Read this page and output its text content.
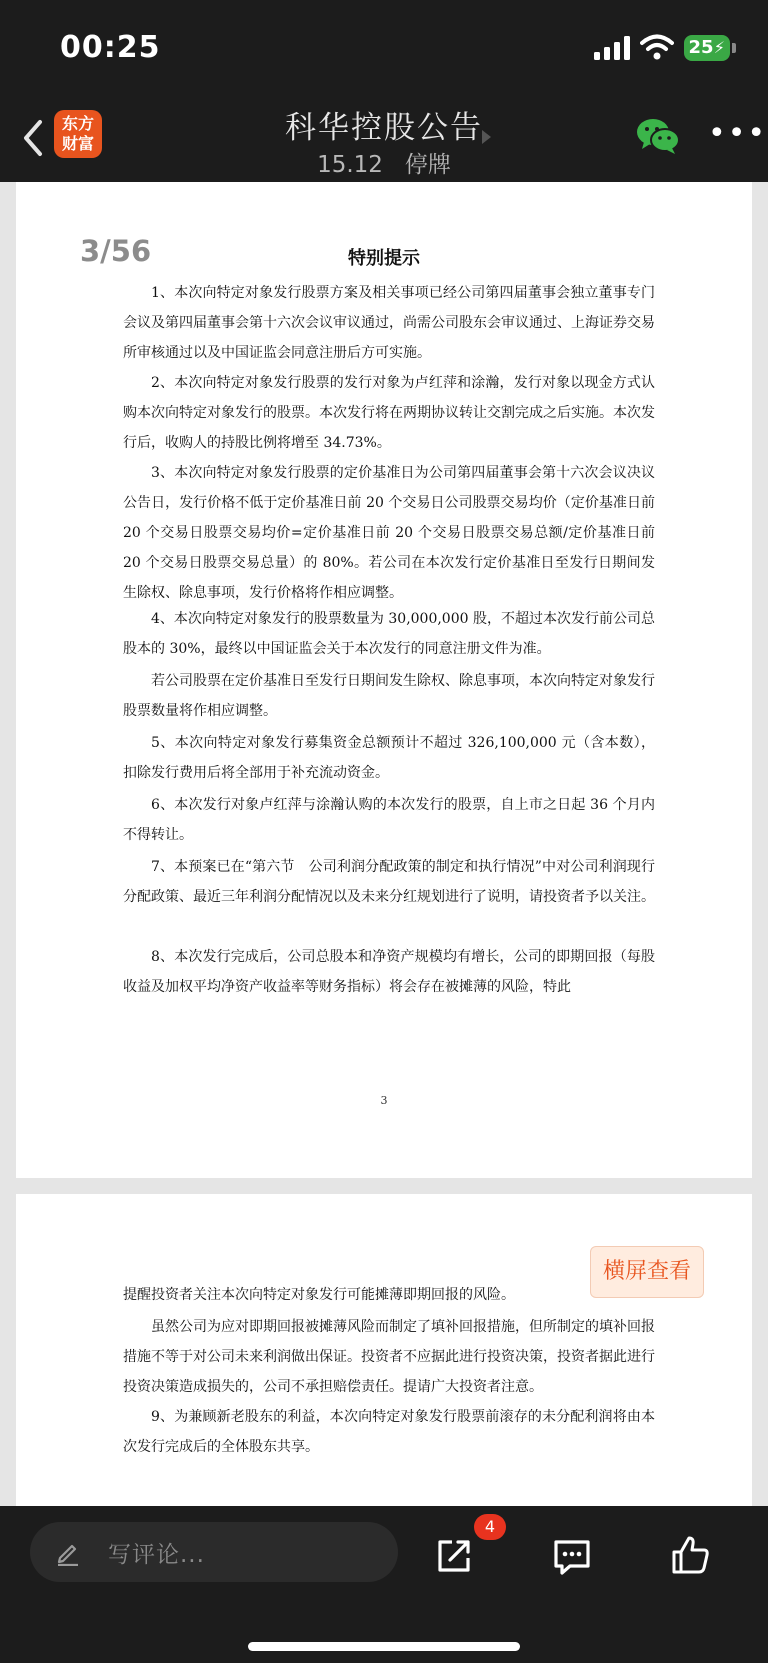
00:25	25 ⚡
东方
财富	科华控股公告
15.12 停牌
•••
3/56	特别提示

1、本次向特定对象发行股票方案及相关事项已经公司第四届董事会独立董事专门会议及第四届董事会第十六次会议审议通过，尚需公司股东会审议通过、上海证券交易所审核通过以及中国证监会同意注册后方可实施。

2、本次向特定对象发行股票的发行对象为卢红萍和涂瀚，发行对象以现金方式认购本次向特定对象发行的股票。本次发行将在两期协议转让交割完成之后实施。本次发行后，收购人的持股比例将增至 34.73%。

3、本次向特定对象发行股票的定价基准日为公司第四届董事会第十六次会议决议公告日，发行价格不低于定价基准日前 20 个交易日公司股票交易均价（定价基准日前 20 个交易日股票交易均价=定价基准日前 20 个交易日股票交易总额/定价基准日前 20 个交易日股票交易总量）的 80%。若公司在本次发行定价基准日至发行日期间发生除权、除息事项，发行价格将作相应调整。

4、本次向特定对象发行的股票数量为 30,000,000 股，不超过本次发行前公司总股本的 30%，最终以中国证监会关于本次发行的同意注册文件为准。

若公司股票在定价基准日至发行日期间发生除权、除息事项，本次向特定对象发行股票数量将作相应调整。

5、本次向特定对象发行募集资金总额预计不超过 326,100,000 元（含本数），扣除发行费用后将全部用于补充流动资金。

6、本次发行对象卢红萍与涂瀚认购的本次发行的股票，自上市之日起 36 个月内不得转让。

7、本预案已在“第六节　公司利润分配政策的制定和执行情况”中对公司利润现行分配政策、最近三年利润分配情况以及未来分红规划进行了说明，请投资者予以关注。

8、本次发行完成后，公司总股本和净资产规模均有增长，公司的即期回报（每股收益及加权平均净资产收益率等财务指标）将会存在被摊薄的风险，特此

3

提醒投资者关注本次向特定对象发行可能摊薄即期回报的风险。

虽然公司为应对即期回报被摊薄风险而制定了填补回报措施，但所制定的填补回报措施不等于对公司未来利润做出保证。投资者不应据此进行投资决策，投资者据此进行投资决策造成损失的，公司不承担赔偿责任。提请广大投资者注意。

9、为兼顾新老股东的利益，本次向特定对象发行股票前滚存的未分配利润将由本次发行完成后的全体股东共享。

横屏查看
写评论...
4
